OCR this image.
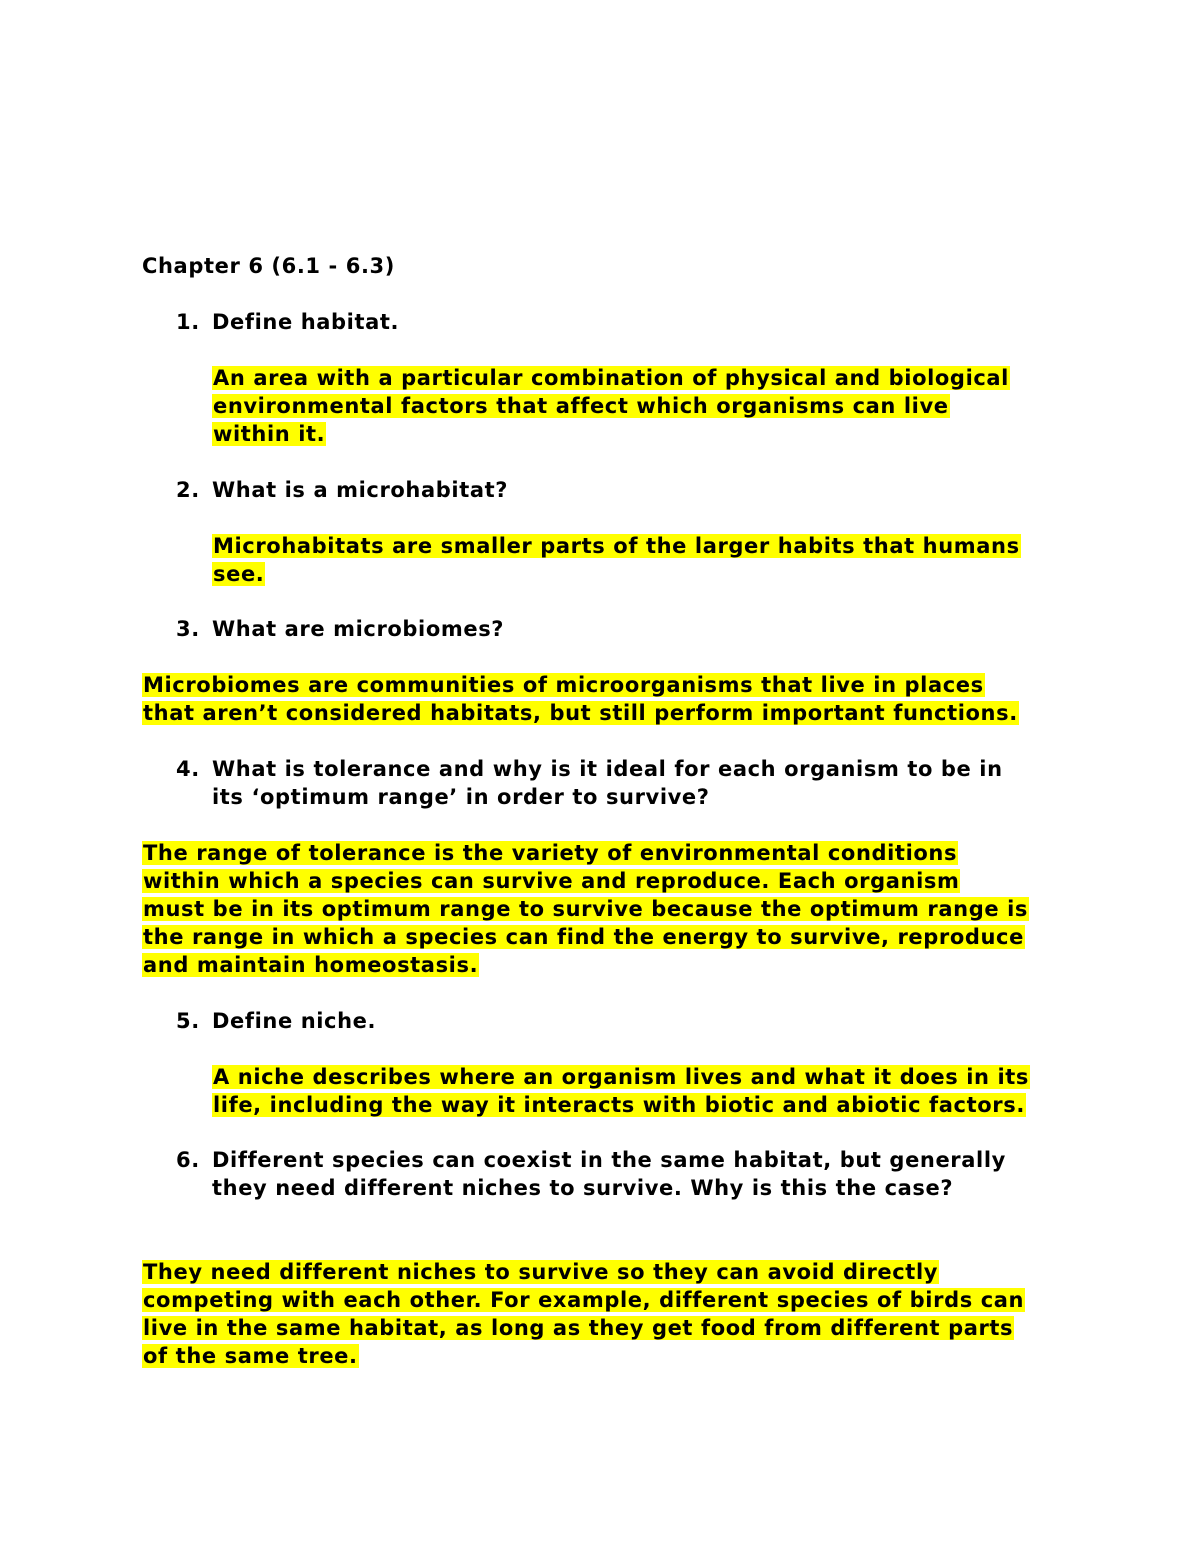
Chapter 6 (6.1 - 6.3)
1. Define habitat.
An area with a particular combination of physical and biological
environmental factors that affect which organisms can live
within it.
2. What is a microhabitat?
Microhabitats are smaller parts of the larger habits that humans
see.
3. What are microbiomes?
Microbiomes are communities of microorganisms that live in places
that aren’t considered habitats, but still perform important functions.
4. What is tolerance and why is it ideal for each organism to be in
its ‘optimum range’ in order to survive?
The range of tolerance is the variety of environmental conditions
within which a species can survive and reproduce. Each organism
must be in its optimum range to survive because the optimum range is
the range in which a species can find the energy to survive, reproduce
and maintain homeostasis.
5. Define niche.
A niche describes where an organism lives and what it does in its
life, including the way it interacts with biotic and abiotic factors.
6. Different species can coexist in the same habitat, but generally
they need different niches to survive. Why is this the case?
They need different niches to survive so they can avoid directly
competing with each other. For example, different species of birds can
live in the same habitat, as long as they get food from different parts
of the same tree.
